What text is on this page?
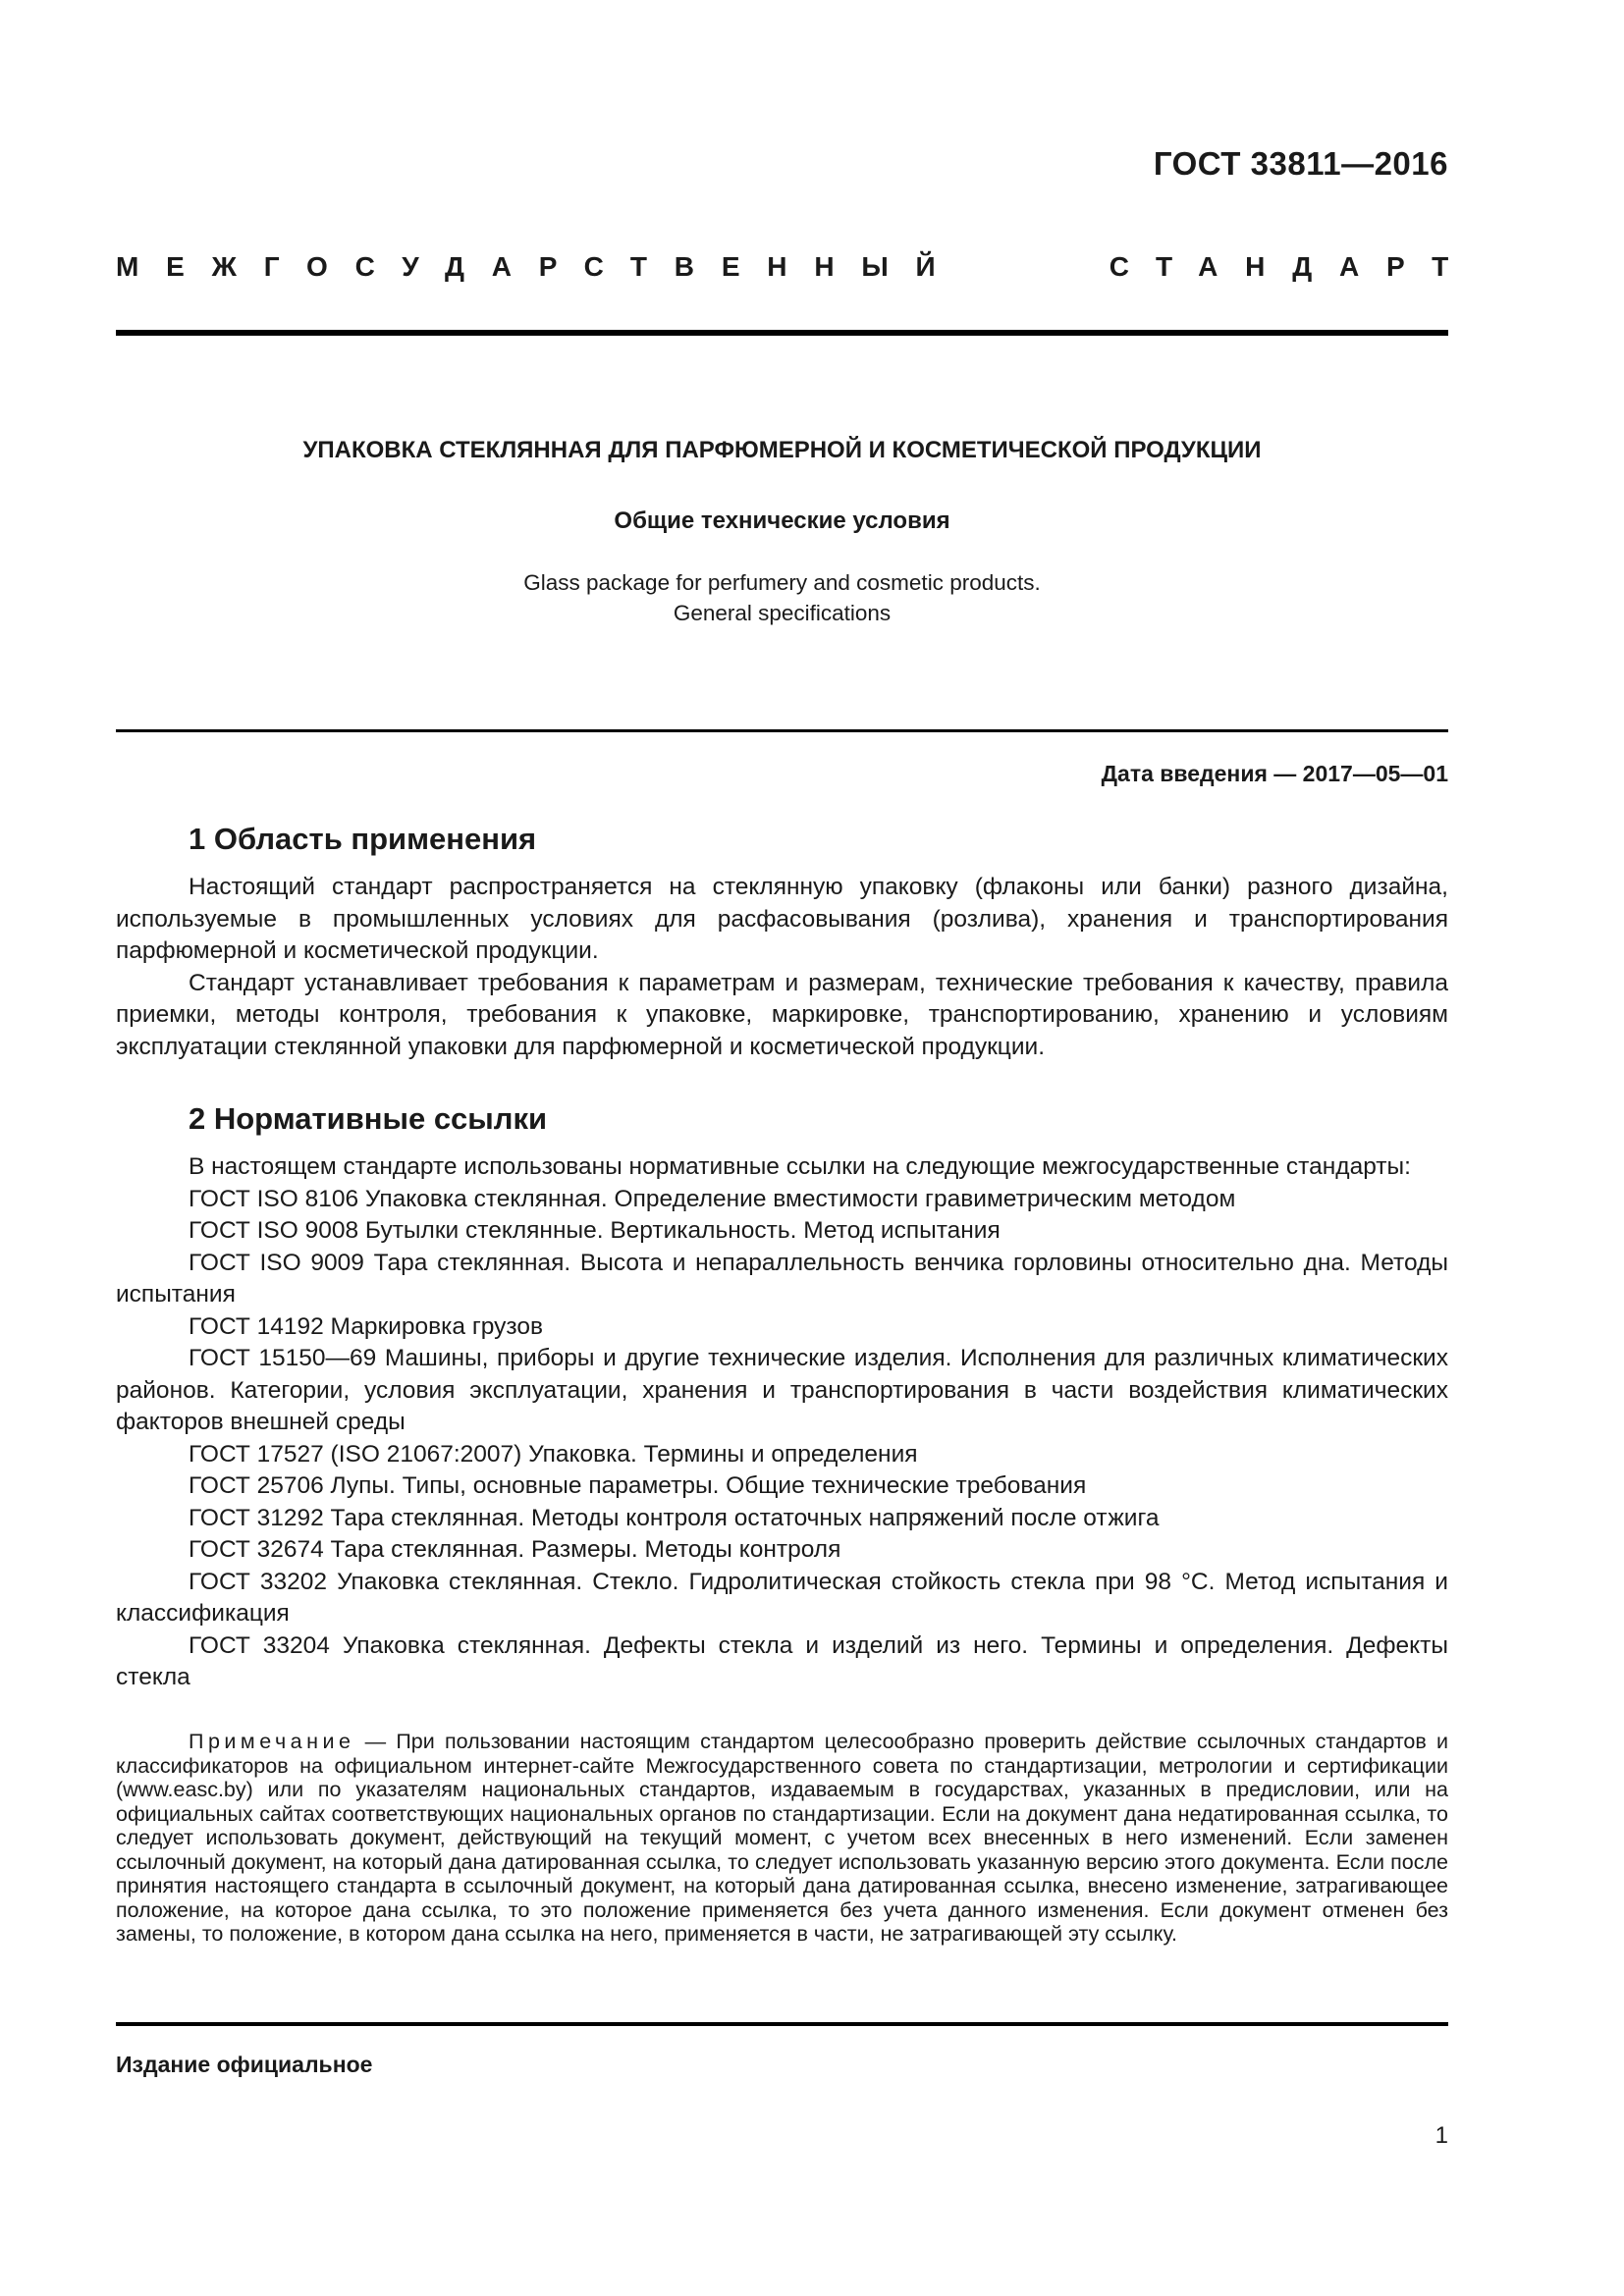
ГОСТ 33811—2016
МЕЖГОСУДАРСТВЕННЫЙ	СТАНДАРТ
УПАКОВКА СТЕКЛЯННАЯ ДЛЯ ПАРФЮМЕРНОЙ И КОСМЕТИЧЕСКОЙ ПРОДУКЦИИ
Общие технические условия
Glass package for perfumery and cosmetic products.
General specifications
Дата введения — 2017—05—01
1 Область применения

Настоящий стандарт распространяется на стеклянную упаковку (флаконы или банки) разного дизайна, используемые в промышленных условиях для расфасовывания (розлива), хранения и транспортирования парфюмерной и косметической продукции.

Стандарт устанавливает требования к параметрам и размерам, технические требования к качеству, правила приемки, методы контроля, требования к упаковке, маркировке, транспортированию, хранению и условиям эксплуатации стеклянной упаковки для парфюмерной и косметической продукции.

2 Нормативные ссылки

В настоящем стандарте использованы нормативные ссылки на следующие межгосударственные стандарты:

ГОСТ ISO 8106 Упаковка стеклянная. Определение вместимости гравиметрическим методом

ГОСТ ISO 9008 Бутылки стеклянные. Вертикальность. Метод испытания

ГОСТ ISO 9009 Тара стеклянная. Высота и непараллельность венчика горловины относительно дна. Методы испытания

ГОСТ 14192 Маркировка грузов

ГОСТ 15150—69 Машины, приборы и другие технические изделия. Исполнения для различных климатических районов. Категории, условия эксплуатации, хранения и транспортирования в части воздействия климатических факторов внешней среды

ГОСТ 17527 (ISO 21067:2007) Упаковка. Термины и определения

ГОСТ 25706 Лупы. Типы, основные параметры. Общие технические требования

ГОСТ 31292 Тара стеклянная. Методы контроля остаточных напряжений после отжига

ГОСТ 32674 Тара стеклянная. Размеры. Методы контроля

ГОСТ 33202 Упаковка стеклянная. Стекло. Гидролитическая стойкость стекла при 98 °С. Метод испытания и классификация

ГОСТ 33204 Упаковка стеклянная. Дефекты стекла и изделий из него. Термины и определения. Дефекты стекла

Примечание — При пользовании настоящим стандартом целесообразно проверить действие ссылочных стандартов и классификаторов на официальном интернет-сайте Межгосударственного совета по стандартизации, метрологии и сертификации (www.easc.by) или по указателям национальных стандартов, издаваемым в государствах, указанных в предисловии, или на официальных сайтах соответствующих национальных органов по стандартизации. Если на документ дана недатированная ссылка, то следует использовать документ, действующий на текущий момент, с учетом всех внесенных в него изменений. Если заменен ссылочный документ, на который дана датированная ссылка, то следует использовать указанную версию этого документа. Если после принятия настоящего стандарта в ссылочный документ, на который дана датированная ссылка, внесено изменение, затрагивающее положение, на которое дана ссылка, то это положение применяется без учета данного изменения. Если документ отменен без замены, то положение, в котором дана ссылка на него, применяется в части, не затрагивающей эту ссылку.
Издание официальное
1
